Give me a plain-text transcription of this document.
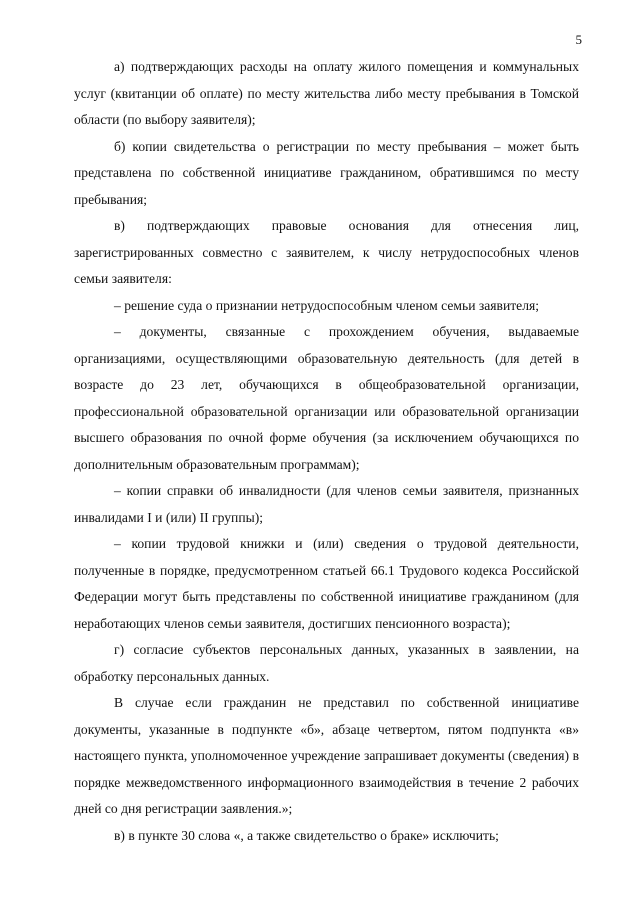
5

а) подтверждающих расходы на оплату жилого помещения и коммунальных услуг (квитанции об оплате) по месту жительства либо месту пребывания в Томской области (по выбору заявителя);

б) копии свидетельства о регистрации по месту пребывания – может быть представлена по собственной инициативе гражданином, обратившимся по месту пребывания;

в) подтверждающих правовые основания для отнесения лиц, зарегистрированных совместно с заявителем, к числу нетрудоспособных членов семьи заявителя:

– решение суда о признании нетрудоспособным членом семьи заявителя;

– документы, связанные с прохождением обучения, выдаваемые организациями, осуществляющими образовательную деятельность (для детей в возрасте до 23 лет, обучающихся в общеобразовательной организации, профессиональной образовательной организации или образовательной организации высшего образования по очной форме обучения (за исключением обучающихся по дополнительным образовательным программам);

– копии справки об инвалидности (для членов семьи заявителя, признанных инвалидами I и (или) II группы);

– копии трудовой книжки и (или) сведения о трудовой деятельности, полученные в порядке, предусмотренном статьей 66.1 Трудового кодекса Российской Федерации могут быть представлены по собственной инициативе гражданином (для неработающих членов семьи заявителя, достигших пенсионного возраста);

г) согласие субъектов персональных данных, указанных в заявлении, на обработку персональных данных.

В случае если гражданин не представил по собственной инициативе документы, указанные в подпункте «б», абзаце четвертом, пятом подпункта «в» настоящего пункта, уполномоченное учреждение запрашивает документы (сведения) в порядке межведомственного информационного взаимодействия в течение 2 рабочих дней со дня регистрации заявления.»;

в) в пункте 30 слова «, а также свидетельство о браке» исключить;
